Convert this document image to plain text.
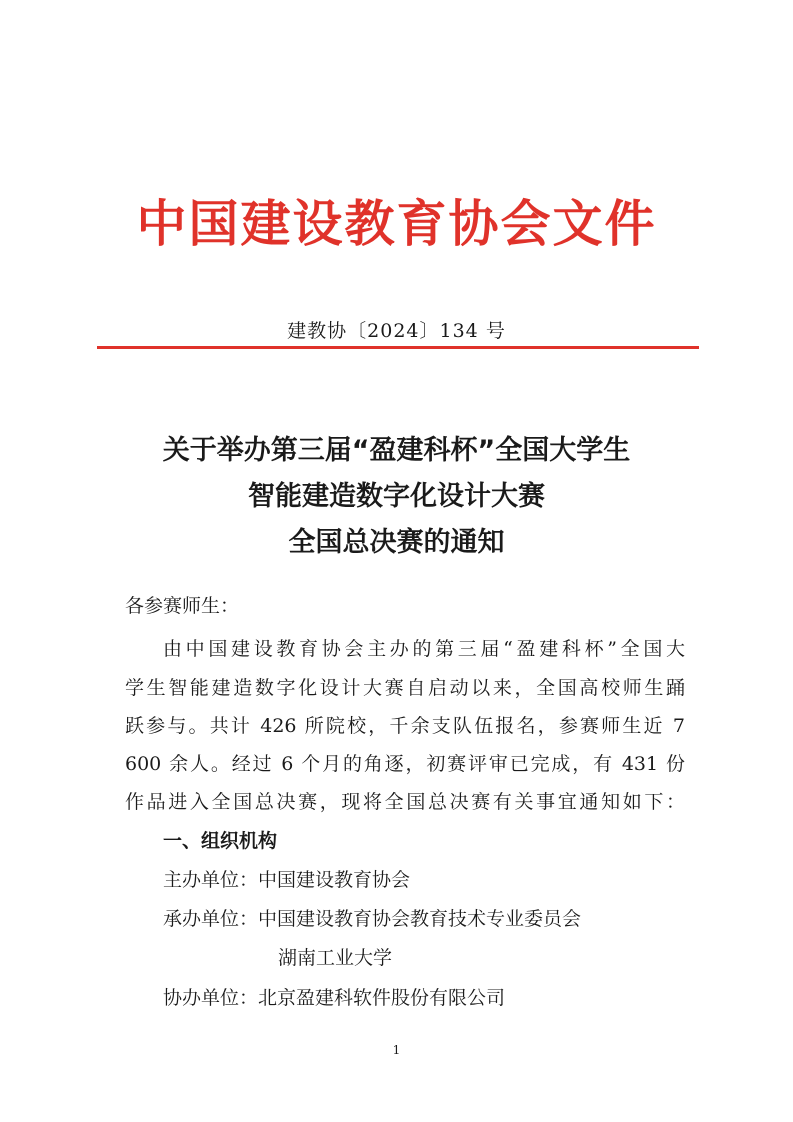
中国建设教育协会文件
建教协〔2024〕134 号
关于举办第三届“盈建科杯”全国大学生
智能建造数字化设计大赛
全国总决赛的通知
各参赛师生：
由中国建设教育协会主办的第三届“盈建科杯”全国大
学生智能建造数字化设计大赛自启动以来，全国高校师生踊
跃参与。共计 426 所院校，千余支队伍报名，参赛师生近 7
600 余人。经过 6 个月的角逐，初赛评审已完成，有 431 份
作品进入全国总决赛，现将全国总决赛有关事宜通知如下：
一、组织机构
主办单位：中国建设教育协会
承办单位：中国建设教育协会教育技术专业委员会
湖南工业大学
协办单位：北京盈建科软件股份有限公司
1
